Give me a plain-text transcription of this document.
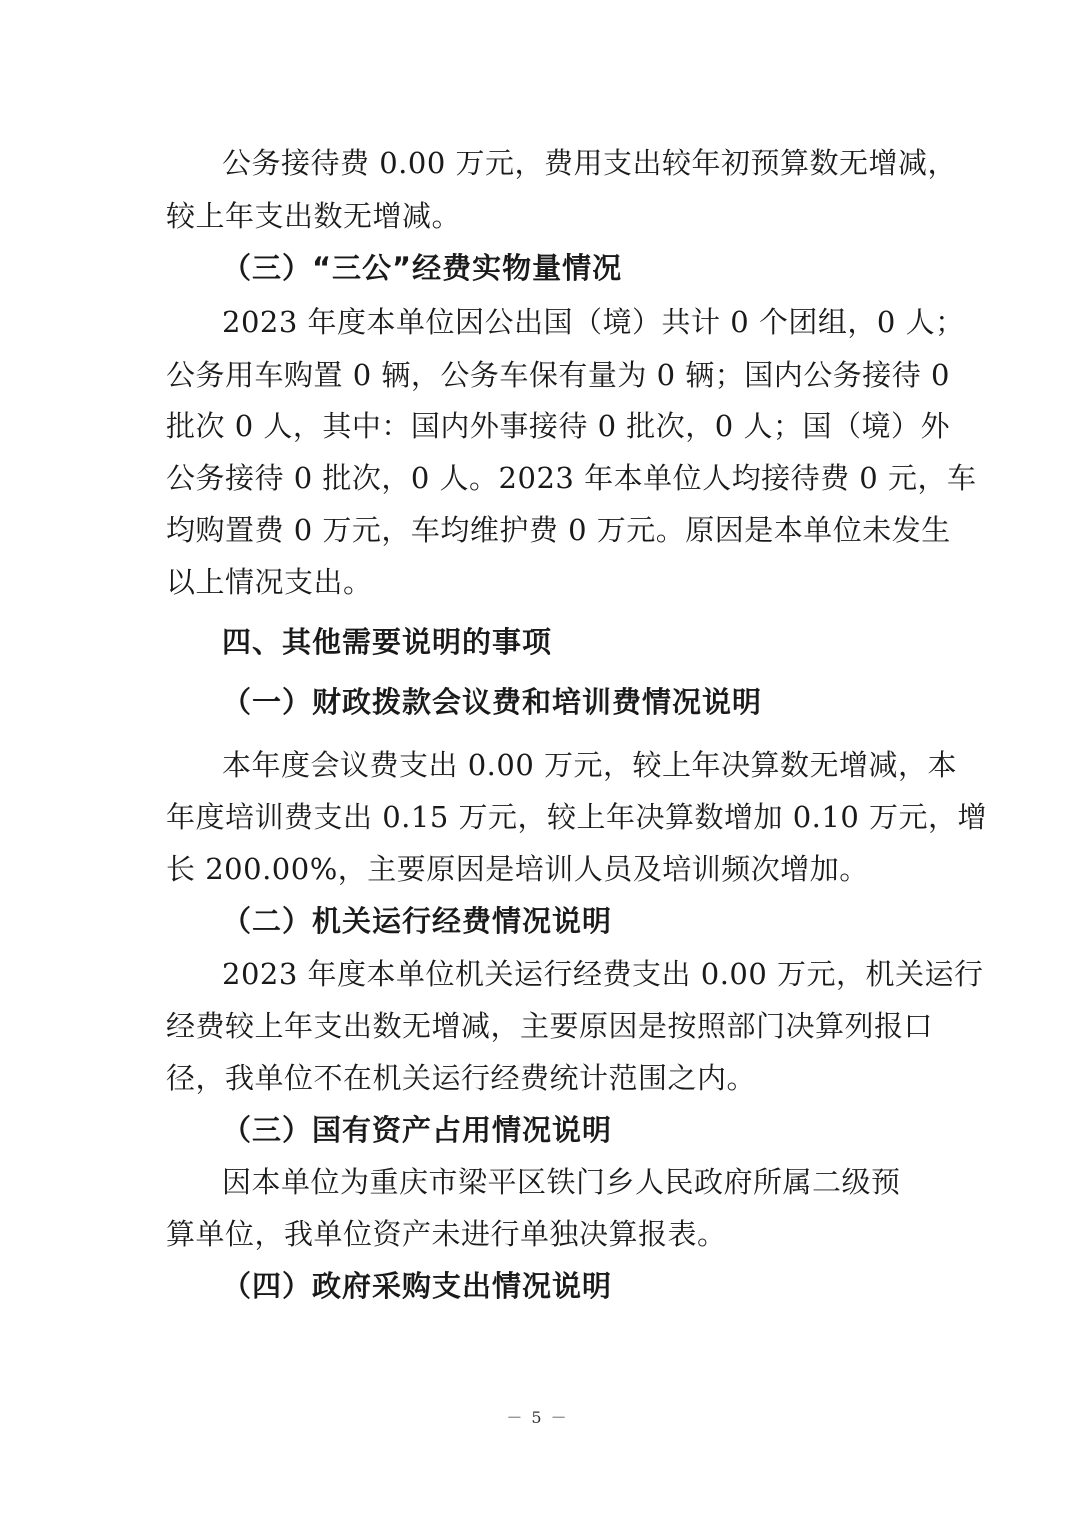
公务接待费 0.00 万元，费用支出较年初预算数无增减，
较上年支出数无增减。
（三）“三公”经费实物量情况
2023 年度本单位因公出国（境）共计 0 个团组，0 人；
公务用车购置 0 辆，公务车保有量为 0 辆；国内公务接待 0
批次 0 人，其中：国内外事接待 0 批次，0 人；国（境）外
公务接待 0 批次，0 人。2023 年本单位人均接待费 0 元，车
均购置费 0 万元，车均维护费 0 万元。原因是本单位未发生
以上情况支出。
四、其他需要说明的事项
（一）财政拨款会议费和培训费情况说明
本年度会议费支出 0.00 万元，较上年决算数无增减，本
年度培训费支出 0.15 万元，较上年决算数增加 0.10 万元，增
长 200.00%，主要原因是培训人员及培训频次增加。
（二）机关运行经费情况说明
2023 年度本单位机关运行经费支出 0.00 万元，机关运行
经费较上年支出数无增减，主要原因是按照部门决算列报口
径，我单位不在机关运行经费统计范围之内。
（三）国有资产占用情况说明
因本单位为重庆市梁平区铁门乡人民政府所属二级预
算单位，我单位资产未进行单独决算报表。
（四）政府采购支出情况说明
－ 5 －
